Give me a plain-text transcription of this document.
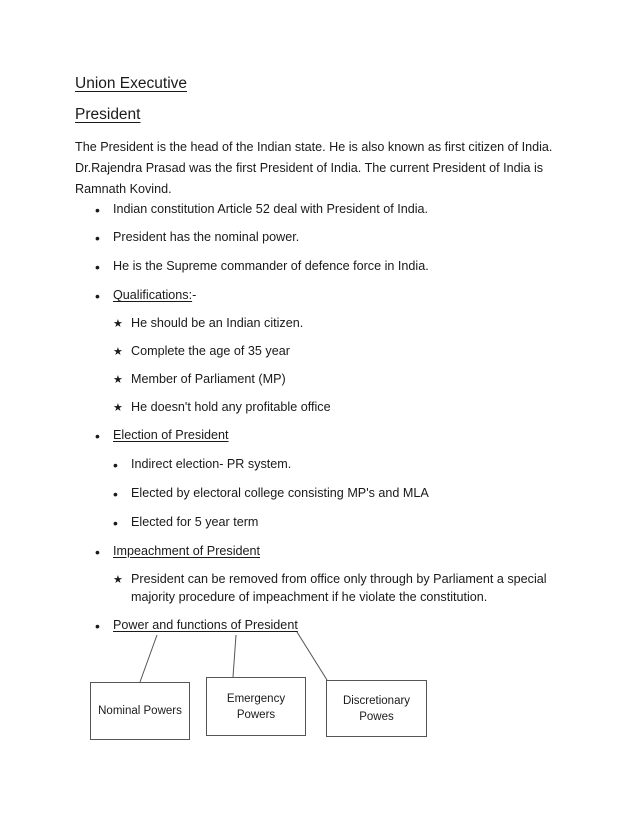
Union Executive
President
The President is the head of the Indian state. He is also known as first citizen of India. Dr.Rajendra Prasad was the first President of India. The current President of India is Ramnath Kovind.
• Indian constitution Article 52 deal with President of India.
• President has the nominal power.
• He is the Supreme commander of defence force in India.
• Qualifications:-
★ He should be an Indian citizen.
★ Complete the age of 35 year
★ Member of Parliament (MP)
★ He doesn't hold any profitable office
• Election of President
• Indirect election- PR system.
• Elected by electoral college consisting MP's and MLA
• Elected for 5 year term
• Impeachment of President
★ President can be removed from office only through by Parliament a special majority procedure of impeachment if he violate the constitution.
• Power and functions of President
Nominal Powers
Emergency Powers
Discretionary Powes
